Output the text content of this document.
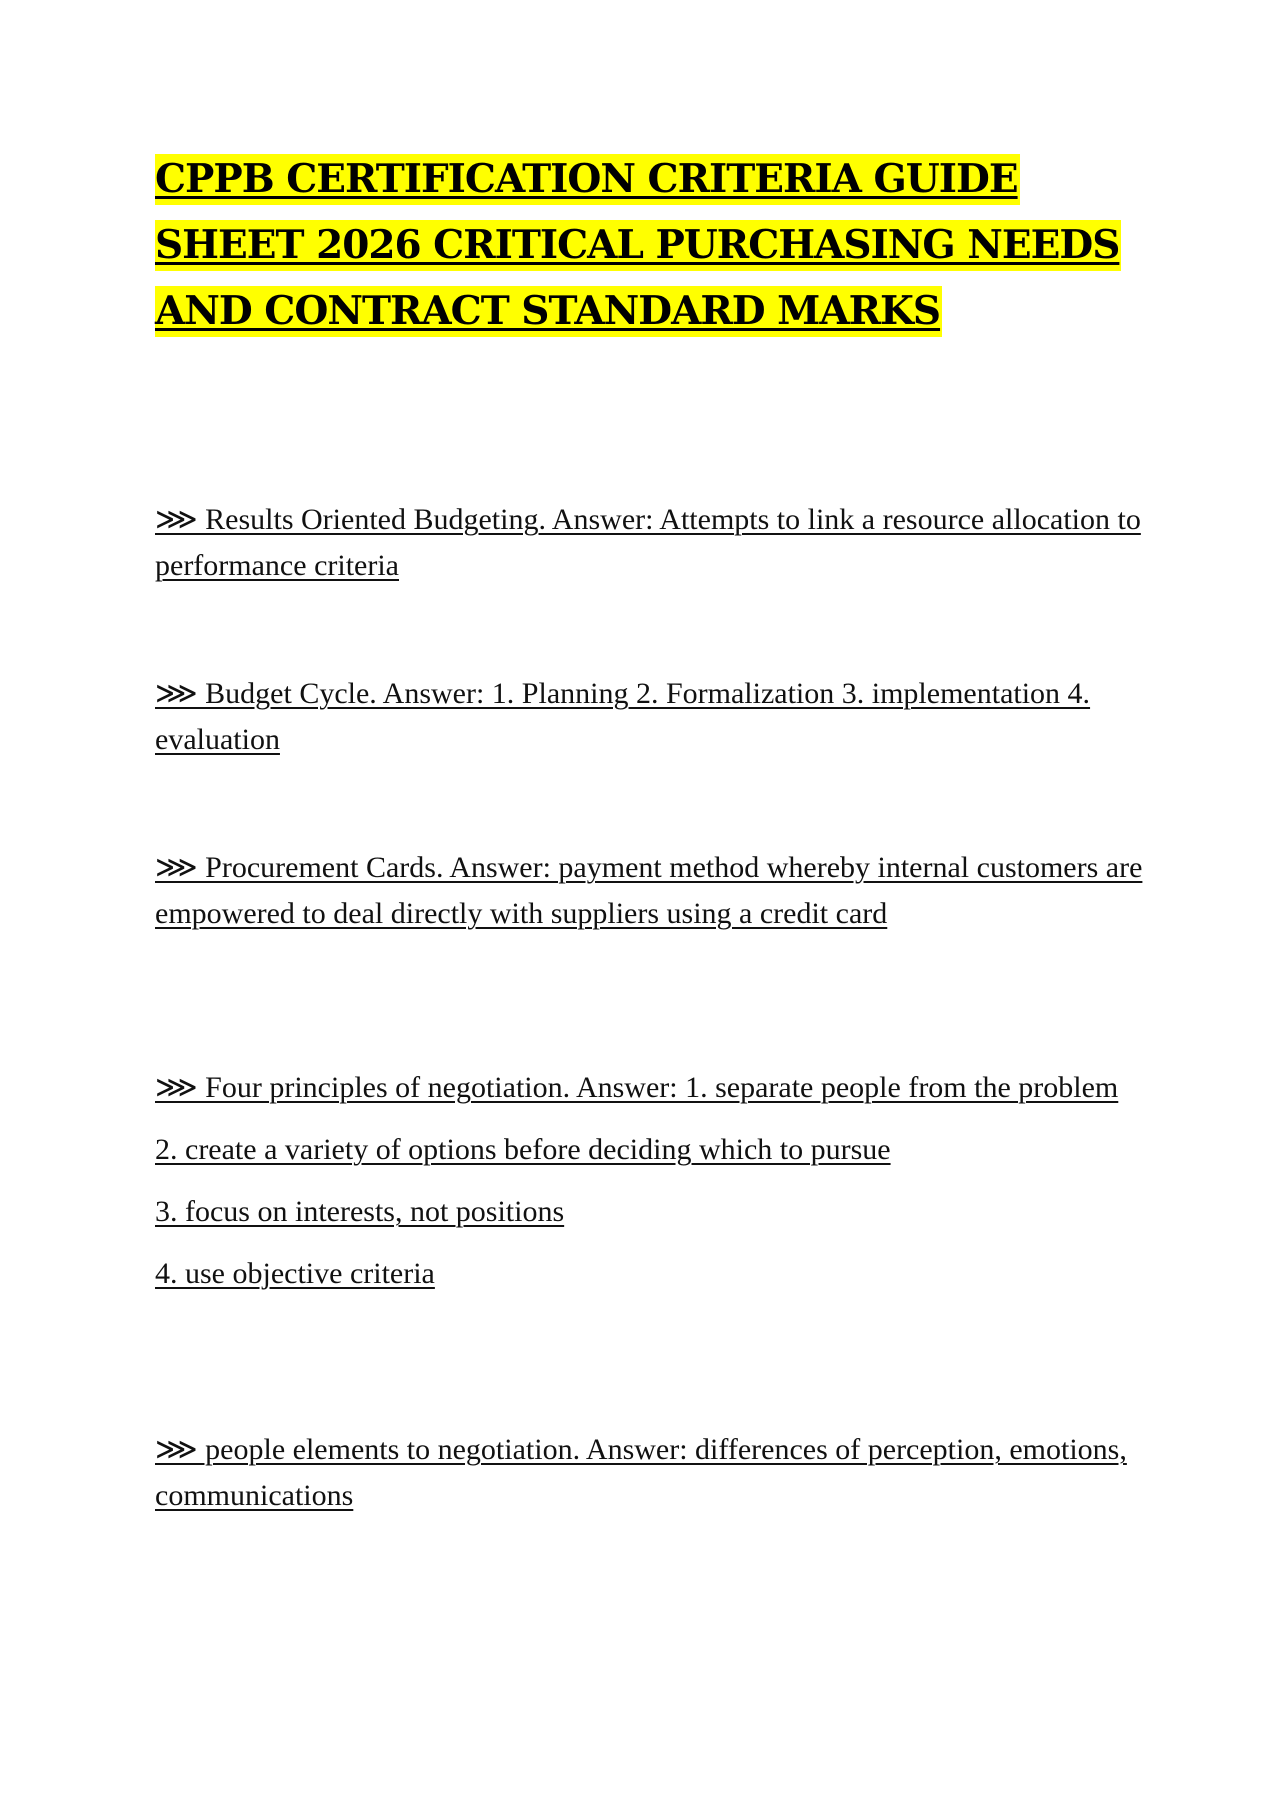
CPPB CERTIFICATION CRITERIA GUIDE
SHEET 2026 CRITICAL PURCHASING NEEDS
AND CONTRACT STANDARD MARKS

⋙ Results Oriented Budgeting. Answer: Attempts to link a resource allocation to performance criteria

⋙ Budget Cycle. Answer: 1. Planning 2. Formalization 3. implementation 4. evaluation

⋙ Procurement Cards. Answer: payment method whereby internal customers are empowered to deal directly with suppliers using a credit card

⋙ Four principles of negotiation. Answer: 1. separate people from the problem

2. create a variety of options before deciding which to pursue

3. focus on interests, not positions

4. use objective criteria

⋙ people elements to negotiation. Answer: differences of perception, emotions, communications
